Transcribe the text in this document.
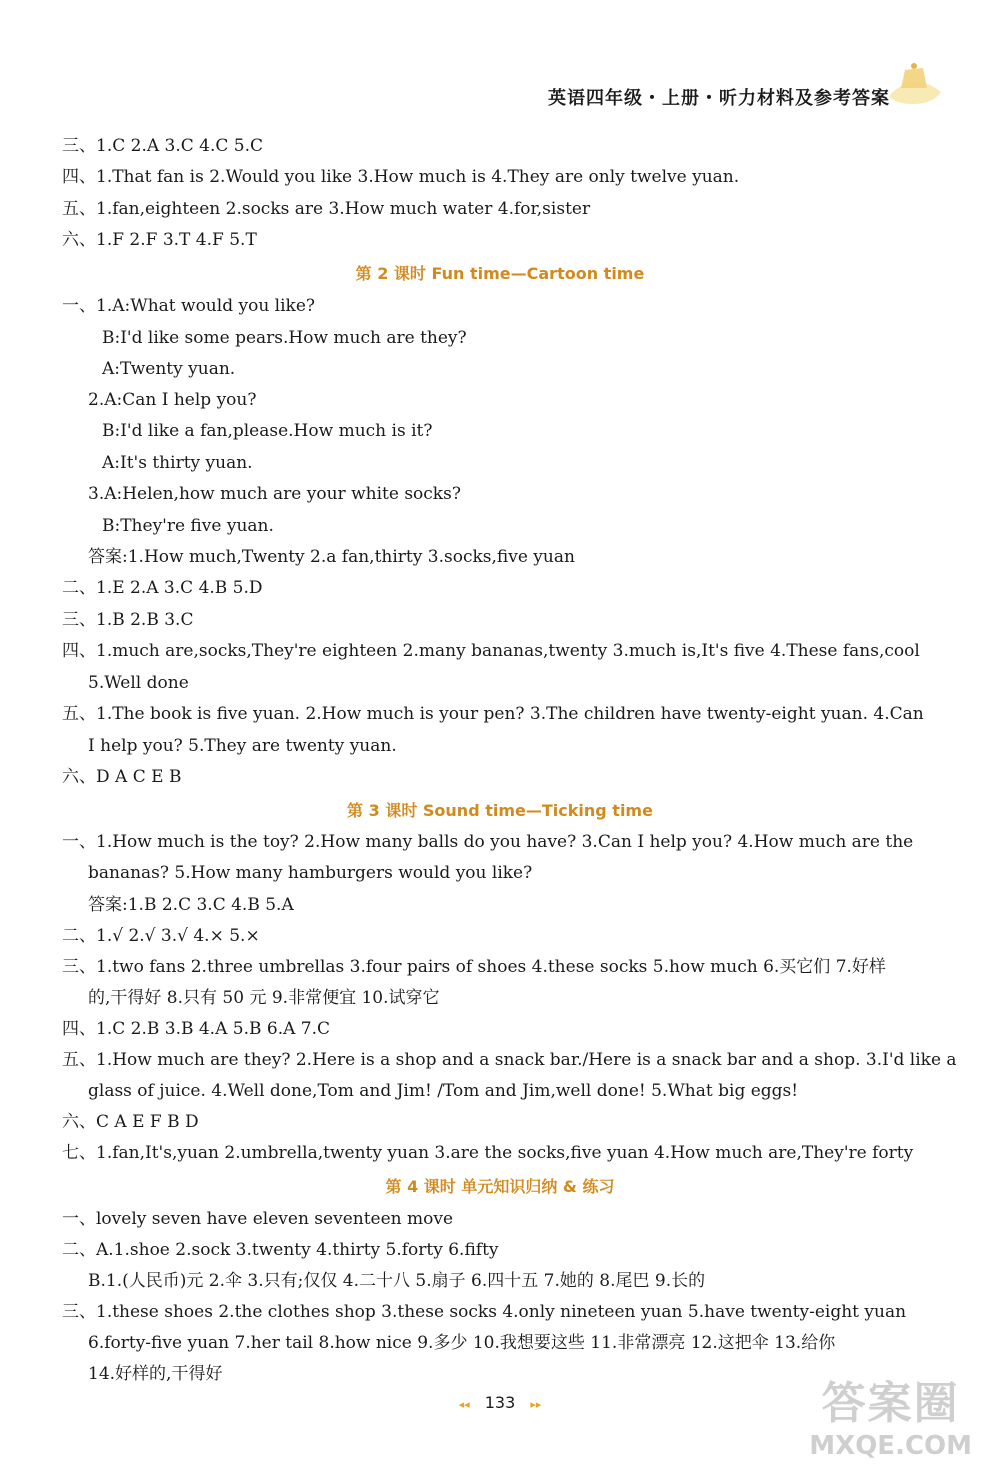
英语四年级・上册・听力材料及参考答案
三、1.C 2.A 3.C 4.C 5.C
四、1.That fan is 2.Would you like 3.How much is 4.They are only twelve yuan.
五、1.fan,eighteen 2.socks are 3.How much water 4.for,sister
六、1.F 2.F 3.T 4.F 5.T
第 2 课时 Fun time—Cartoon time
一、1.A:What would you like?
B:I'd like some pears.How much are they?
A:Twenty yuan.
2.A:Can I help you?
B:I'd like a fan,please.How much is it?
A:It's thirty yuan.
3.A:Helen,how much are your white socks?
B:They're five yuan.
答案:1.How much,Twenty 2.a fan,thirty 3.socks,five yuan
二、1.E 2.A 3.C 4.B 5.D
三、1.B 2.B 3.C
四、1.much are,socks,They're eighteen 2.many bananas,twenty 3.much is,It's five 4.These fans,cool
5.Well done
五、1.The book is five yuan. 2.How much is your pen? 3.The children have twenty-eight yuan. 4.Can
I help you? 5.They are twenty yuan.
六、D A C E B
第 3 课时 Sound time—Ticking time
一、1.How much is the toy? 2.How many balls do you have? 3.Can I help you? 4.How much are the
bananas? 5.How many hamburgers would you like?
答案:1.B 2.C 3.C 4.B 5.A
二、1.√ 2.√ 3.√ 4.× 5.×
三、1.two fans 2.three umbrellas 3.four pairs of shoes 4.these socks 5.how much 6.买它们 7.好样
的,干得好 8.只有 50 元 9.非常便宜 10.试穿它
四、1.C 2.B 3.B 4.A 5.B 6.A 7.C
五、1.How much are they? 2.Here is a shop and a snack bar./Here is a snack bar and a shop. 3.I'd like a
glass of juice. 4.Well done,Tom and Jim! /Tom and Jim,well done! 5.What big eggs!
六、C A E F B D
七、1.fan,It's,yuan 2.umbrella,twenty yuan 3.are the socks,five yuan 4.How much are,They're forty
第 4 课时 单元知识归纳 & 练习
一、lovely seven have eleven seventeen move
二、A.1.shoe 2.sock 3.twenty 4.thirty 5.forty 6.fifty
B.1.(人民币)元 2.伞 3.只有;仅仅 4.二十八 5.扇子 6.四十五 7.她的 8.尾巴 9.长的
三、1.these shoes 2.the clothes shop 3.these socks 4.only nineteen yuan 5.have twenty-eight yuan
6.forty-five yuan 7.her tail 8.how nice 9.多少 10.我想要这些 11.非常漂亮 12.这把伞 13.给你
14.好样的,干得好
◂◂ 133 ▸▸	答案圈
MXQE.COM
